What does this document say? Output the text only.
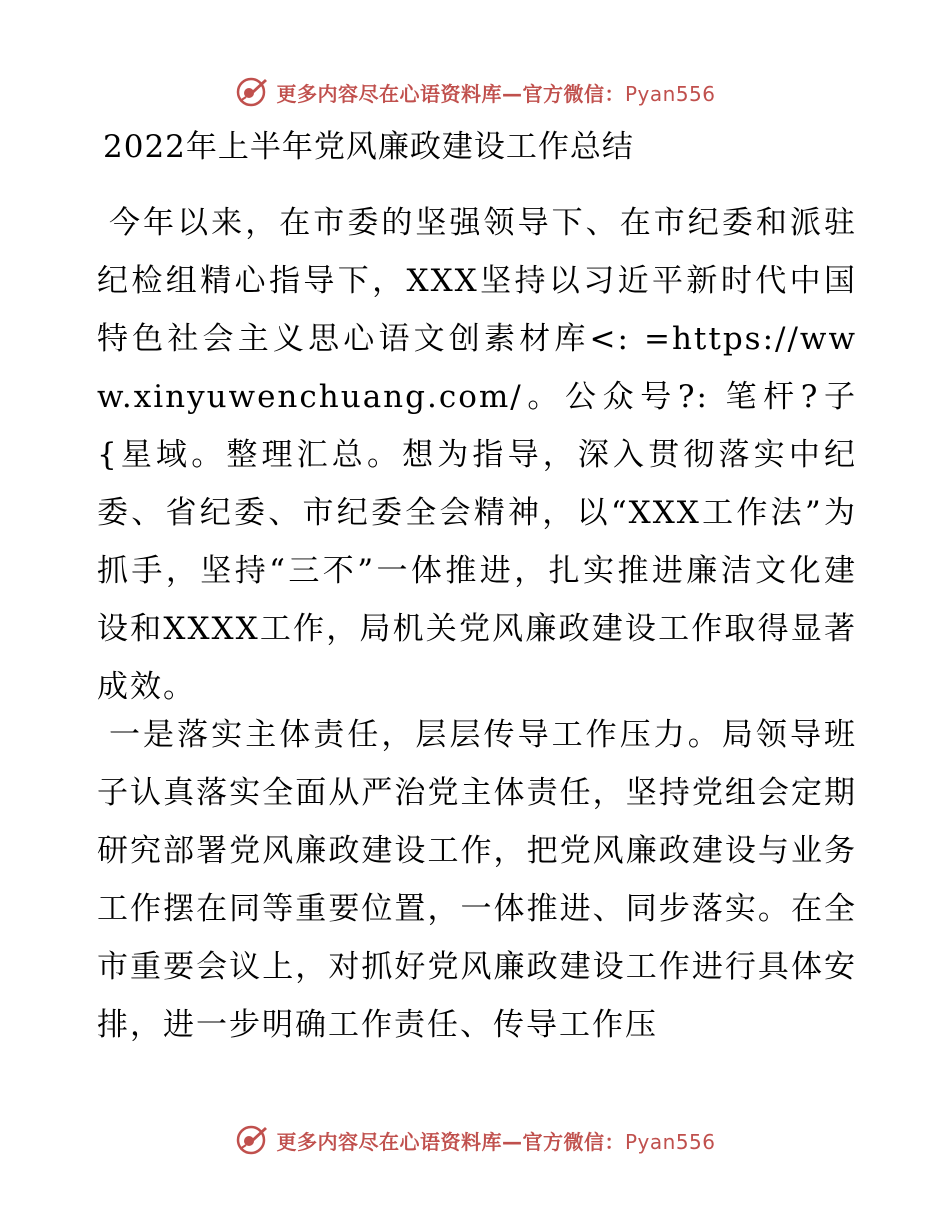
更多内容尽在心语资料库—官方微信：Pyan556
2022年上半年党风廉政建设工作总结
今年以来，在市委的坚强领导下、在市纪委和派驻纪检组精心指导下，XXX坚持以习近平新时代中国特色社会主义思心语文创素材库<: =https://www.xinyuwenchuang.com/。公众号?: 笔杆?子{星域。整理汇总。想为指导，深入贯彻落实中纪委、省纪委、市纪委全会精神，以“XXX工作法”为抓手，坚持“三不”一体推进，扎实推进廉洁文化建设和XXXX工作，局机关党风廉政建设工作取得显著成效。
一是落实主体责任，层层传导工作压力。局领导班子认真落实全面从严治党主体责任，坚持党组会定期研究部署党风廉政建设工作，把党风廉政建设与业务工作摆在同等重要位置，一体推进、同步落实。在全市重要会议上，对抓好党风廉政建设工作进行具体安排，进一步明确工作责任、传导工作压
更多内容尽在心语资料库—官方微信：Pyan556
